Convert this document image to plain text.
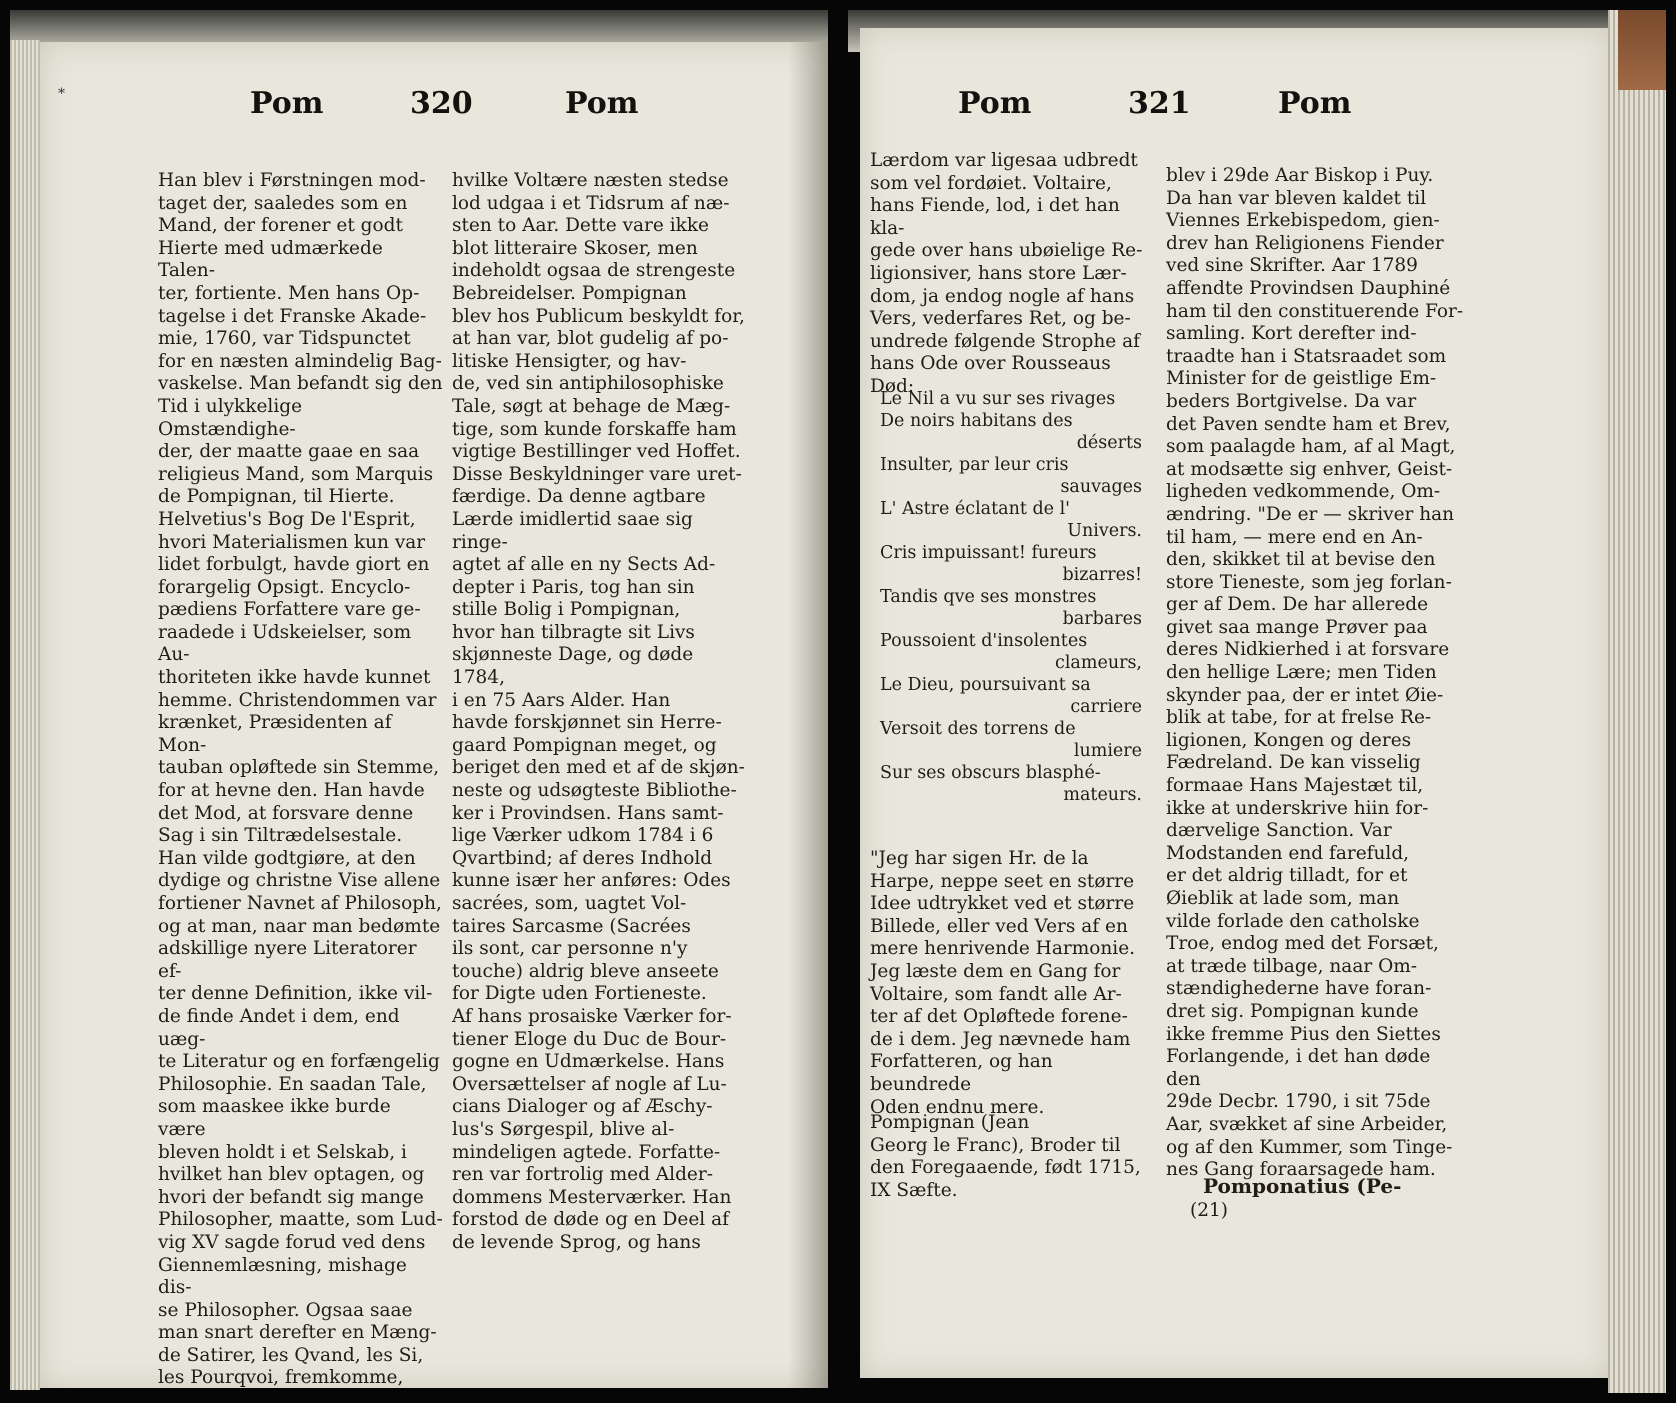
*	Pom	320	Pom

Han blev i Førstningen mod-

taget der, saaledes som en

Mand, der forener et godt

Hierte med udmærkede Talen-

ter, fortiente. Men hans Op-

tagelse i det Franske Akade-

mie, 1760, var Tidspunctet

for en næsten almindelig Bag-

vaskelse. Man befandt sig den

Tid i ulykkelige Omstændighe-

der, der maatte gaae en saa

religieus Mand, som Marquis

de Pompignan, til Hierte.

Helvetius's Bog De l'Esprit,

hvori Materialismen kun var

lidet forbulgt, havde giort en

forargelig Opsigt. Encyclo-

pædiens Forfattere vare ge-

raadede i Udskeielser, som Au-

thoriteten ikke havde kunnet

hemme. Christendommen var

krænket, Præsidenten af Mon-

tauban opløftede sin Stemme,

for at hevne den. Han havde

det Mod, at forsvare denne

Sag i sin Tiltrædelsestale.

Han vilde godtgiøre, at den

dydige og christne Vise allene

fortiener Navnet af Philosoph,

og at man, naar man bedømte

adskillige nyere Literatorer ef-

ter denne Definition, ikke vil-

de finde Andet i dem, end uæg-

te Literatur og en forfængelig

Philosophie. En saadan Tale,

som maaskee ikke burde være

bleven holdt i et Selskab, i

hvilket han blev optagen, og

hvori der befandt sig mange

Philosopher, maatte, som Lud-

vig XV sagde forud ved dens

Giennemlæsning, mishage dis-

se Philosopher. Ogsaa saae

man snart derefter en Mæng-

de Satirer, les Qvand, les Si,

les Pourqvoi, fremkomme,

hvilke Voltære næsten stedse

lod udgaa i et Tidsrum af næ-

sten to Aar. Dette vare ikke

blot litteraire Skoser, men

indeholdt ogsaa de strengeste

Bebreidelser. Pompignan

blev hos Publicum beskyldt for,

at han var, blot gudelig af po-

litiske Hensigter, og hav-

de, ved sin antiphilosophiske

Tale, søgt at behage de Mæg-

tige, som kunde forskaffe ham

vigtige Bestillinger ved Hoffet.

Disse Beskyldninger vare uret-

færdige. Da denne agtbare

Lærde imidlertid saae sig ringe-

agtet af alle en ny Sects Ad-

depter i Paris, tog han sin

stille Bolig i Pompignan,

hvor han tilbragte sit Livs

skjønneste Dage, og døde 1784,

i en 75 Aars Alder. Han

havde forskjønnet sin Herre-

gaard Pompignan meget, og

beriget den med et af de skjøn-

neste og udsøgteste Bibliothe-

ker i Provindsen. Hans samt-

lige Værker udkom 1784 i 6

Qvartbind; af deres Indhold

kunne især her anføres: Odes

sacrées, som, uagtet Vol-

taires Sarcasme (Sacrées

ils sont, car personne n'y

touche) aldrig bleve anseete

for Digte uden Fortieneste.

Af hans prosaiske Værker for-

tiener Eloge du Duc de Bour-

gogne en Udmærkelse. Hans

Oversættelser af nogle af Lu-

cians Dialoger og af Æschy-

lus's Sørgespil, blive al-

mindeligen agtede. Forfatte-

ren var fortrolig med Alder-

dommens Mesterværker. Han

forstod de døde og en Deel af

de levende Sprog, og hans

Pom	321	Pom

Lærdom var ligesaa udbredt

som vel fordøiet. Voltaire,

hans Fiende, lod, i det han kla-

gede over hans ubøielige Re-

ligionsiver, hans store Lær-

dom, ja endog nogle af hans

Vers, vederfares Ret, og be-

undrede følgende Strophe af

hans Ode over Rousseaus

Død:

Le Nil a vu sur ses rivages
De noirs habitans des
déserts
Insulter, par leur cris
sauvages
L' Astre éclatant de l'
Univers.
Cris impuissant! fureurs
bizarres!
Tandis qve ses monstres
barbares
Poussoient d'insolentes
clameurs,
Le Dieu, poursuivant sa
carriere
Versoit des torrens de
lumiere
Sur ses obscurs blasphé-
mateurs.

"Jeg har sigen Hr. de la

Harpe, neppe seet en større

Idee udtrykket ved et større

Billede, eller ved Vers af en

mere henrivende Harmonie.

Jeg læste dem en Gang for

Voltaire, som fandt alle Ar-

ter af det Opløftede forene-

de i dem. Jeg nævnede ham

Forfatteren, og han beundrede

Oden endnu mere.

Pompignan (Jean

Georg le Franc), Broder til

den Foregaaende, født 1715,

IX Sæfte.

blev i 29de Aar Biskop i Puy.

Da han var bleven kaldet til

Viennes Erkebispedom, gien-

drev han Religionens Fiender

ved sine Skrifter. Aar 1789

affendte Provindsen Dauphiné

ham til den constituerende For-

samling. Kort derefter ind-

traadte han i Statsraadet som

Minister for de geistlige Em-

beders Bortgivelse. Da var

det Paven sendte ham et Brev,

som paalagde ham, af al Magt,

at modsætte sig enhver, Geist-

ligheden vedkommende, Om-

ændring. "De er — skriver han

til ham, — mere end en An-

den, skikket til at bevise den

store Tieneste, som jeg forlan-

ger af Dem. De har allerede

givet saa mange Prøver paa

deres Nidkierhed i at forsvare

den hellige Lære; men Tiden

skynder paa, der er intet Øie-

blik at tabe, for at frelse Re-

ligionen, Kongen og deres

Fædreland. De kan visselig

formaae Hans Majestæt til,

ikke at underskrive hiin for-

dærvelige Sanction. Var

Modstanden end farefuld,

er det aldrig tilladt, for et

Øieblik at lade som, man

vilde forlade den catholske

Troe, endog med det Forsæt,

at træde tilbage, naar Om-

stændighederne have foran-

dret sig. Pompignan kunde

ikke fremme Pius den Siettes

Forlangende, i det han døde den

29de Decbr. 1790, i sit 75de

Aar, svækket af sine Arbeider,

og af den Kummer, som Tinge-

nes Gang foraarsagede ham.

Pomponatius (Pe-
(21)
